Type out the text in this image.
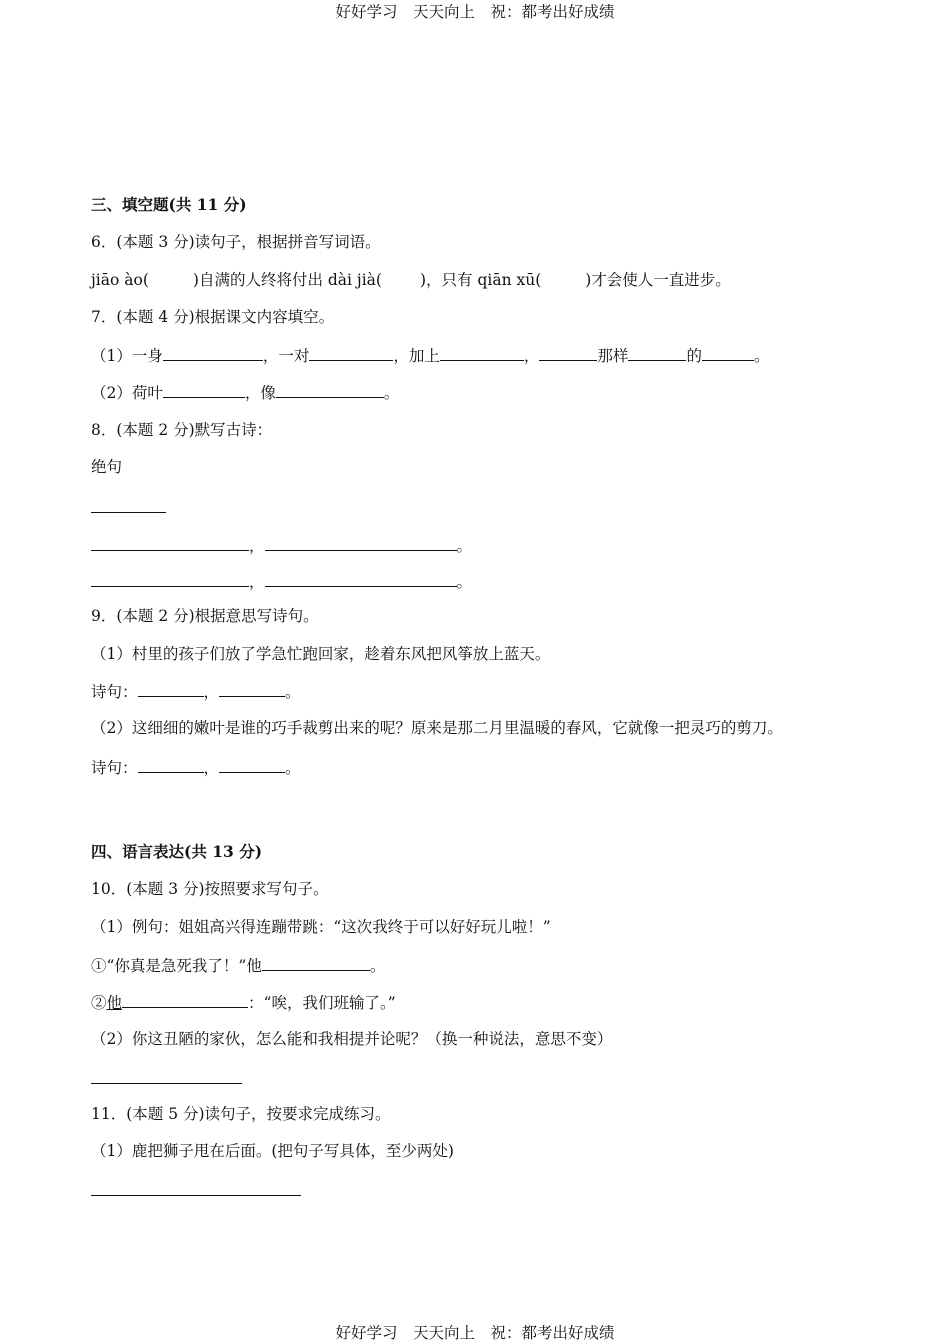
好好学习　天天向上　祝：都考出好成绩
三、填空题(共 11 分)
6．(本题 3 分)读句子，根据拼音写词语。
jiāo ào(	)自满的人终将付出 dài jià( )，只有 qiān xū(	)才会使人一直进步。
7．(本题 4 分)根据课文内容填空。
（1）一身	，一对	，加上	，	那样	的	。
（2）荷叶	，像	。
8．(本题 2 分)默写古诗：
绝句
，	。
，	。
9．(本题 2 分)根据意思写诗句。
（1）村里的孩子们放了学急忙跑回家，趁着东风把风筝放上蓝天。
诗句：	，	。
（2）这细细的嫩叶是谁的巧手裁剪出来的呢？原来是那二月里温暖的春风，它就像一把灵巧的剪刀。
诗句：	，	。
四、语言表达(共 13 分)
10．(本题 3 分)按照要求写句子。
（1）例句：姐姐高兴得连蹦带跳：“这次我终于可以好好玩儿啦！”
①“你真是急死我了！”他	。
②他	：“唉，我们班输了。”
（2）你这丑陋的家伙，怎么能和我相提并论呢？（换一种说法，意思不变）
11．(本题 5 分)读句子，按要求完成练习。
（1）鹿把狮子甩在后面。(把句子写具体，至少两处)
好好学习　天天向上　祝：都考出好成绩
